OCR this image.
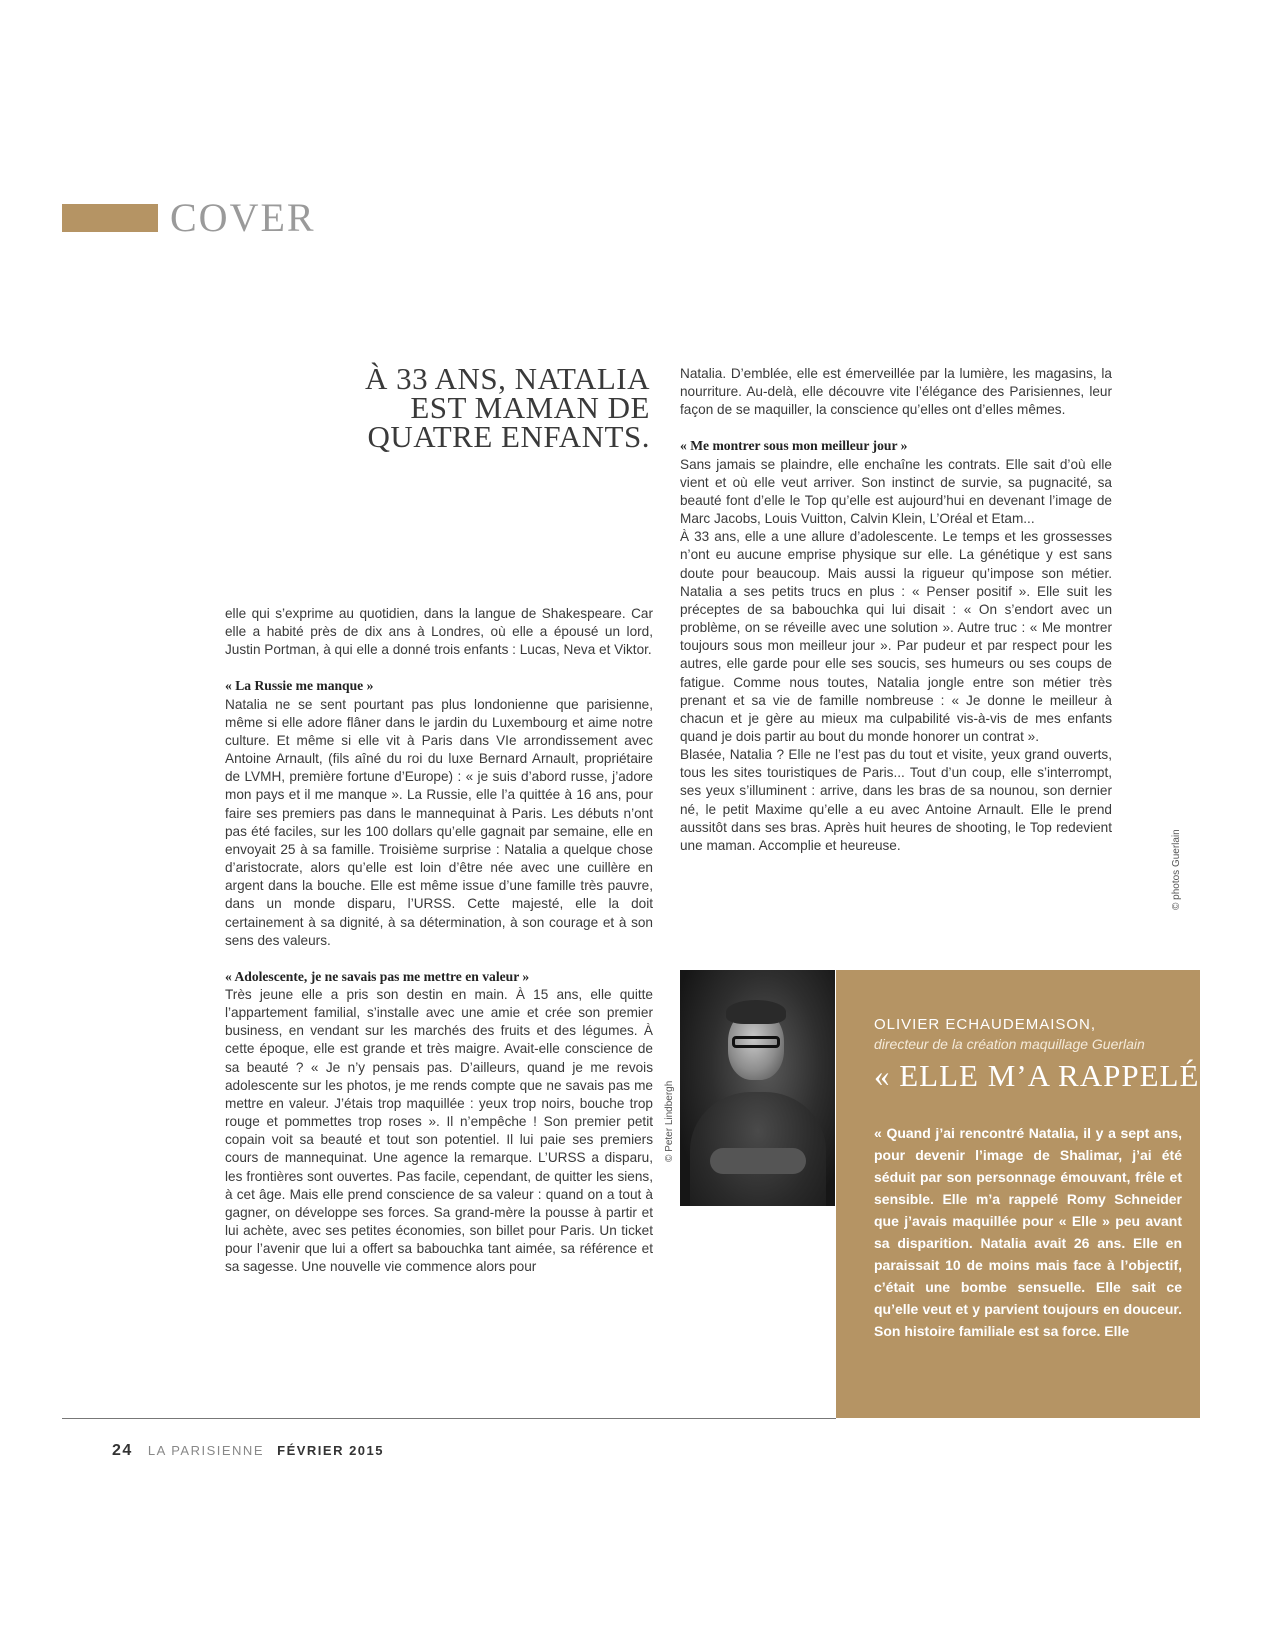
COVER
À 33 ANS, NATALIA EST MAMAN DE QUATRE ENFANTS.

elle qui s’exprime au quotidien, dans la langue de Shakespeare. Car elle a habité près de dix ans à Londres, où elle a épousé un lord, Justin Portman, à qui elle a donné trois enfants : Lucas, Neva et Viktor.

« La Russie me manque »

Natalia ne se sent pourtant pas plus londonienne que parisienne, même si elle adore flâner dans le jardin du Luxembourg et aime notre culture. Et même si elle vit à Paris dans VIe arrondissement avec Antoine Arnault, (fils aîné du roi du luxe Bernard Arnault, propriétaire de LVMH, première fortune d’Europe) : « je suis d’abord russe, j’adore mon pays et il me manque ». La Russie, elle l’a quittée à 16 ans, pour faire ses premiers pas dans le mannequinat à Paris. Les débuts n’ont pas été faciles, sur les 100 dollars qu’elle gagnait par semaine, elle en envoyait 25 à sa famille. Troisième surprise : Natalia a quelque chose d’aristocrate, alors qu’elle est loin d’être née avec une cuillère en argent dans la bouche. Elle est même issue d’une famille très pauvre, dans un monde disparu, l’URSS. Cette majesté, elle la doit certainement à sa dignité, à sa détermination, à son courage et à son sens des valeurs.

« Adolescente, je ne savais pas me mettre en valeur »

Très jeune elle a pris son destin en main. À 15 ans, elle quitte l’appartement familial, s’installe avec une amie et crée son premier business, en vendant sur les marchés des fruits et des légumes. À cette époque, elle est grande et très maigre. Avait-elle conscience de sa beauté ? « Je n’y pensais pas. D’ailleurs, quand je me revois adolescente sur les photos, je me rends compte que ne savais pas me mettre en valeur. J’étais trop maquillée : yeux trop noirs, bouche trop rouge et pommettes trop roses ». Il n’empêche ! Son premier petit copain voit sa beauté et tout son potentiel. Il lui paie ses premiers cours de mannequinat. Une agence la remarque. L’URSS a disparu, les frontières sont ouvertes. Pas facile, cependant, de quitter les siens, à cet âge. Mais elle prend conscience de sa valeur : quand on a tout à gagner, on développe ses forces. Sa grand-mère la pousse à partir et lui achète, avec ses petites économies, son billet pour Paris. Un ticket pour l’avenir que lui a offert sa babouchka tant aimée, sa référence et sa sagesse. Une nouvelle vie commence alors pour

Natalia. D’emblée, elle est émerveillée par la lumière, les magasins, la nourriture. Au-delà, elle découvre vite l’élégance des Parisiennes, leur façon de se maquiller, la conscience qu’elles ont d’elles mêmes.

« Me montrer sous mon meilleur jour »

Sans jamais se plaindre, elle enchaîne les contrats. Elle sait d’où elle vient et où elle veut arriver. Son instinct de survie, sa pugnacité, sa beauté font d’elle le Top qu’elle est aujourd’hui en devenant l’image de Marc Jacobs, Louis Vuitton, Calvin Klein, L’Oréal et Etam...

À 33 ans, elle a une allure d’adolescente. Le temps et les grossesses n’ont eu aucune emprise physique sur elle. La génétique y est sans doute pour beaucoup. Mais aussi la rigueur qu’impose son métier. Natalia a ses petits trucs en plus : « Penser positif ». Elle suit les préceptes de sa babouchka qui lui disait : « On s’endort avec un problème, on se réveille avec une solution ». Autre truc : « Me montrer toujours sous mon meilleur jour ». Par pudeur et par respect pour les autres, elle garde pour elle ses soucis, ses humeurs ou ses coups de fatigue. Comme nous toutes, Natalia jongle entre son métier très prenant et sa vie de famille nombreuse : « Je donne le meilleur à chacun et je gère au mieux ma culpabilité vis-à-vis de mes enfants quand je dois partir au bout du monde honorer un contrat ».

Blasée, Natalia ? Elle ne l’est pas du tout et visite, yeux grand ouverts, tous les sites touristiques de Paris... Tout d’un coup, elle s’interrompt, ses yeux s’illuminent : arrive, dans les bras de sa nounou, son dernier né, le petit Maxime qu’elle a eu avec Antoine Arnault. Elle le prend aussitôt dans ses bras. Après huit heures de shooting, le Top redevient une maman. Accomplie et heureuse.	© photos Guerlain
© Peter Lindbergh
OLIVIER ECHAUDEMAISON,
directeur de la création maquillage Guerlain
« ELLE M’A RAPPELÉ
« Quand j’ai rencontré Natalia, il y a sept ans, pour devenir l’image de Shalimar, j’ai été séduit par son personnage émouvant, frêle et sensible. Elle m’a rappelé Romy Schneider que j’avais maquillée pour « Elle » peu avant sa disparition. Natalia avait 26 ans. Elle en paraissait 10 de moins mais face à l’objectif, c’était une bombe sensuelle. Elle sait ce qu’elle veut et y parvient toujours en douceur. Son histoire familiale est sa force. Elle
24 LA PARISIENNE FÉVRIER 2015
